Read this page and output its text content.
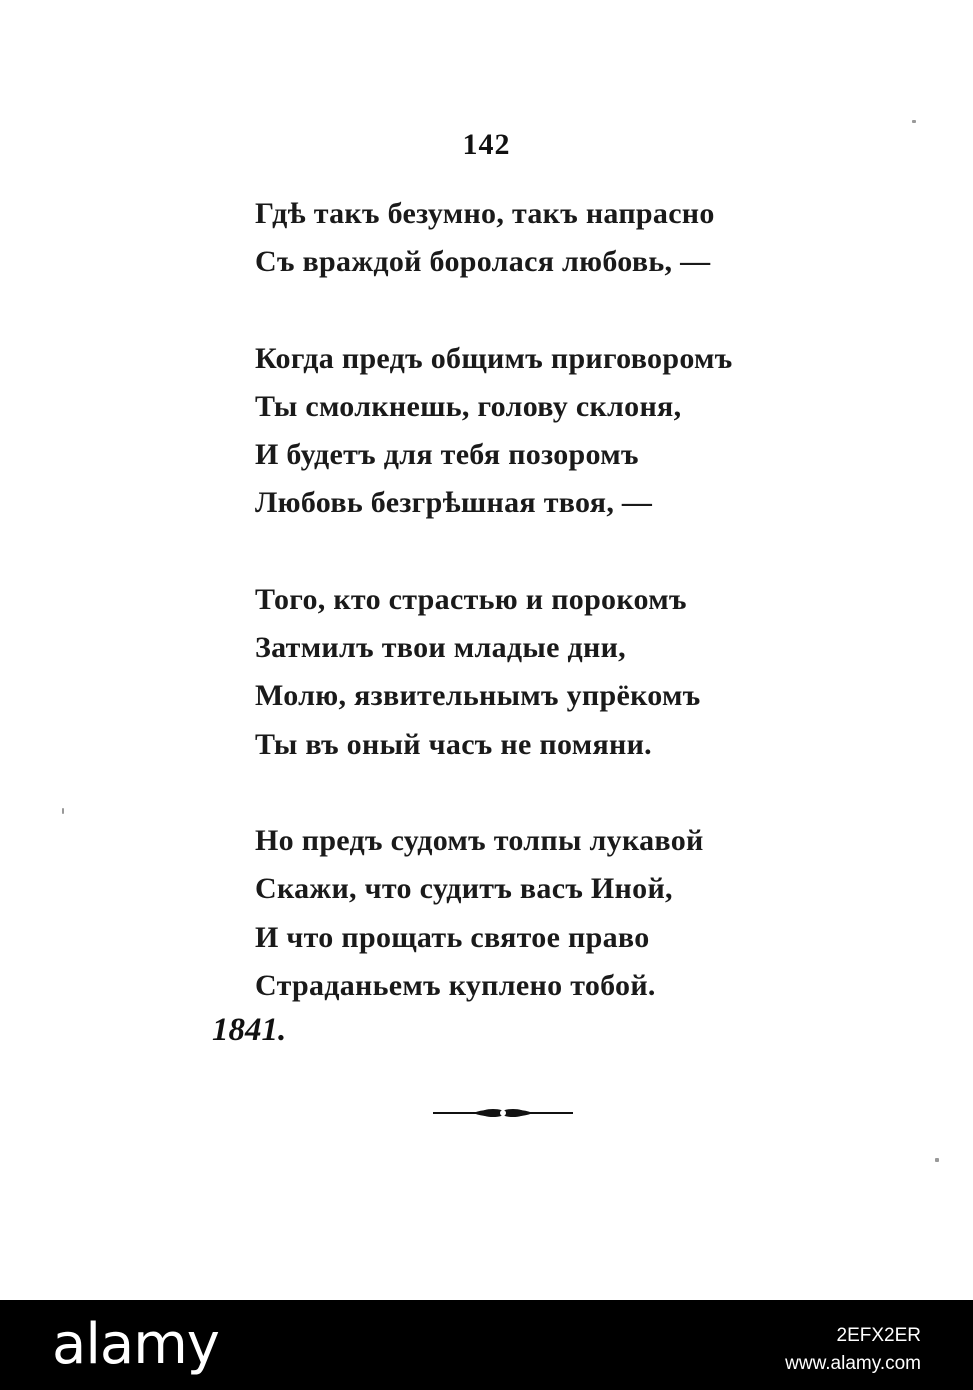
142
Гдѣ такъ безумно, такъ напрасно
Съ враждой боролася любовь, —
Когда предъ общимъ приговоромъ
Ты смолкнешь, голову склоня,
И будетъ для тебя позоромъ
Любовь безгрѣшная твоя, —
Того, кто страстью и порокомъ
Затмилъ твои младые дни,
Молю, язвительнымъ упрёкомъ
Ты въ оный часъ не помяни.
Но предъ судомъ толпы лукавой
Скажи, что судитъ васъ Иной,
И что прощать святое право
Страданьемъ куплено тобой.
1841.
alamy	2EFX2ER
www.alamy.com
